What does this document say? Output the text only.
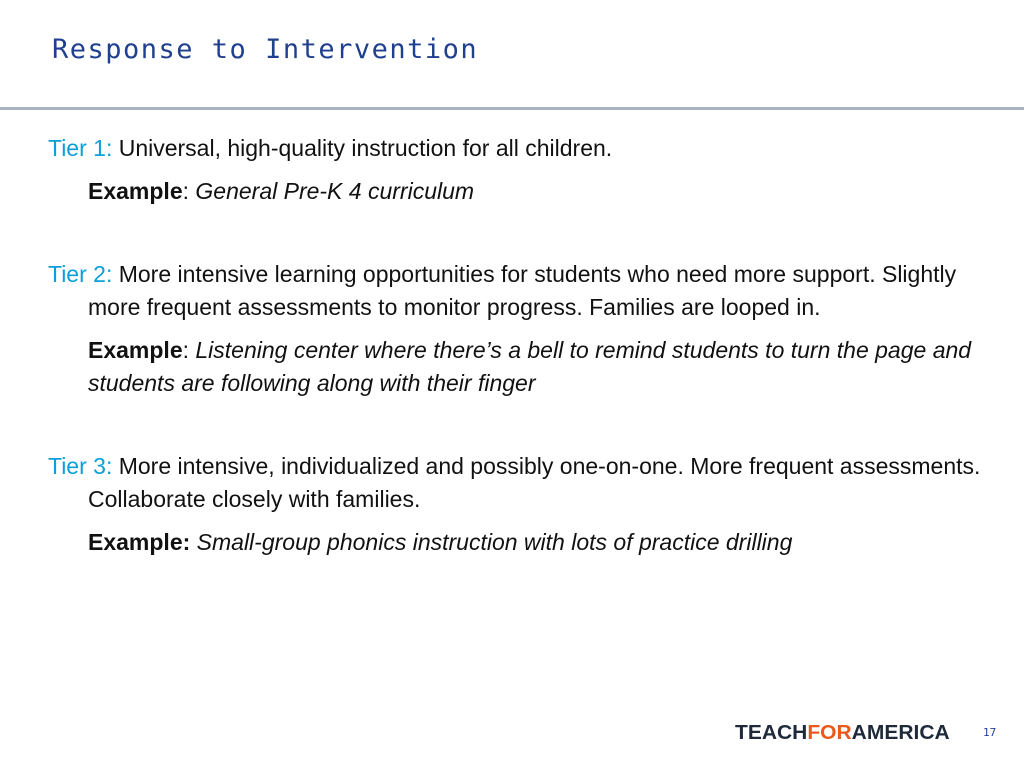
Response to Intervention

Tier 1: Universal, high-quality instruction for all children.

Example: General Pre-K 4 curriculum

Tier 2: More intensive learning opportunities for students who need more support. Slightly more frequent assessments to monitor progress. Families are looped in.

Example: Listening center where there’s a bell to remind students to turn the page and students are following along with their finger

Tier 3: More intensive, individualized and possibly one-on-one. More frequent assessments. Collaborate closely with families.

Example: Small-group phonics instruction with lots of practice drilling

TEACHFORAMERICA	17
